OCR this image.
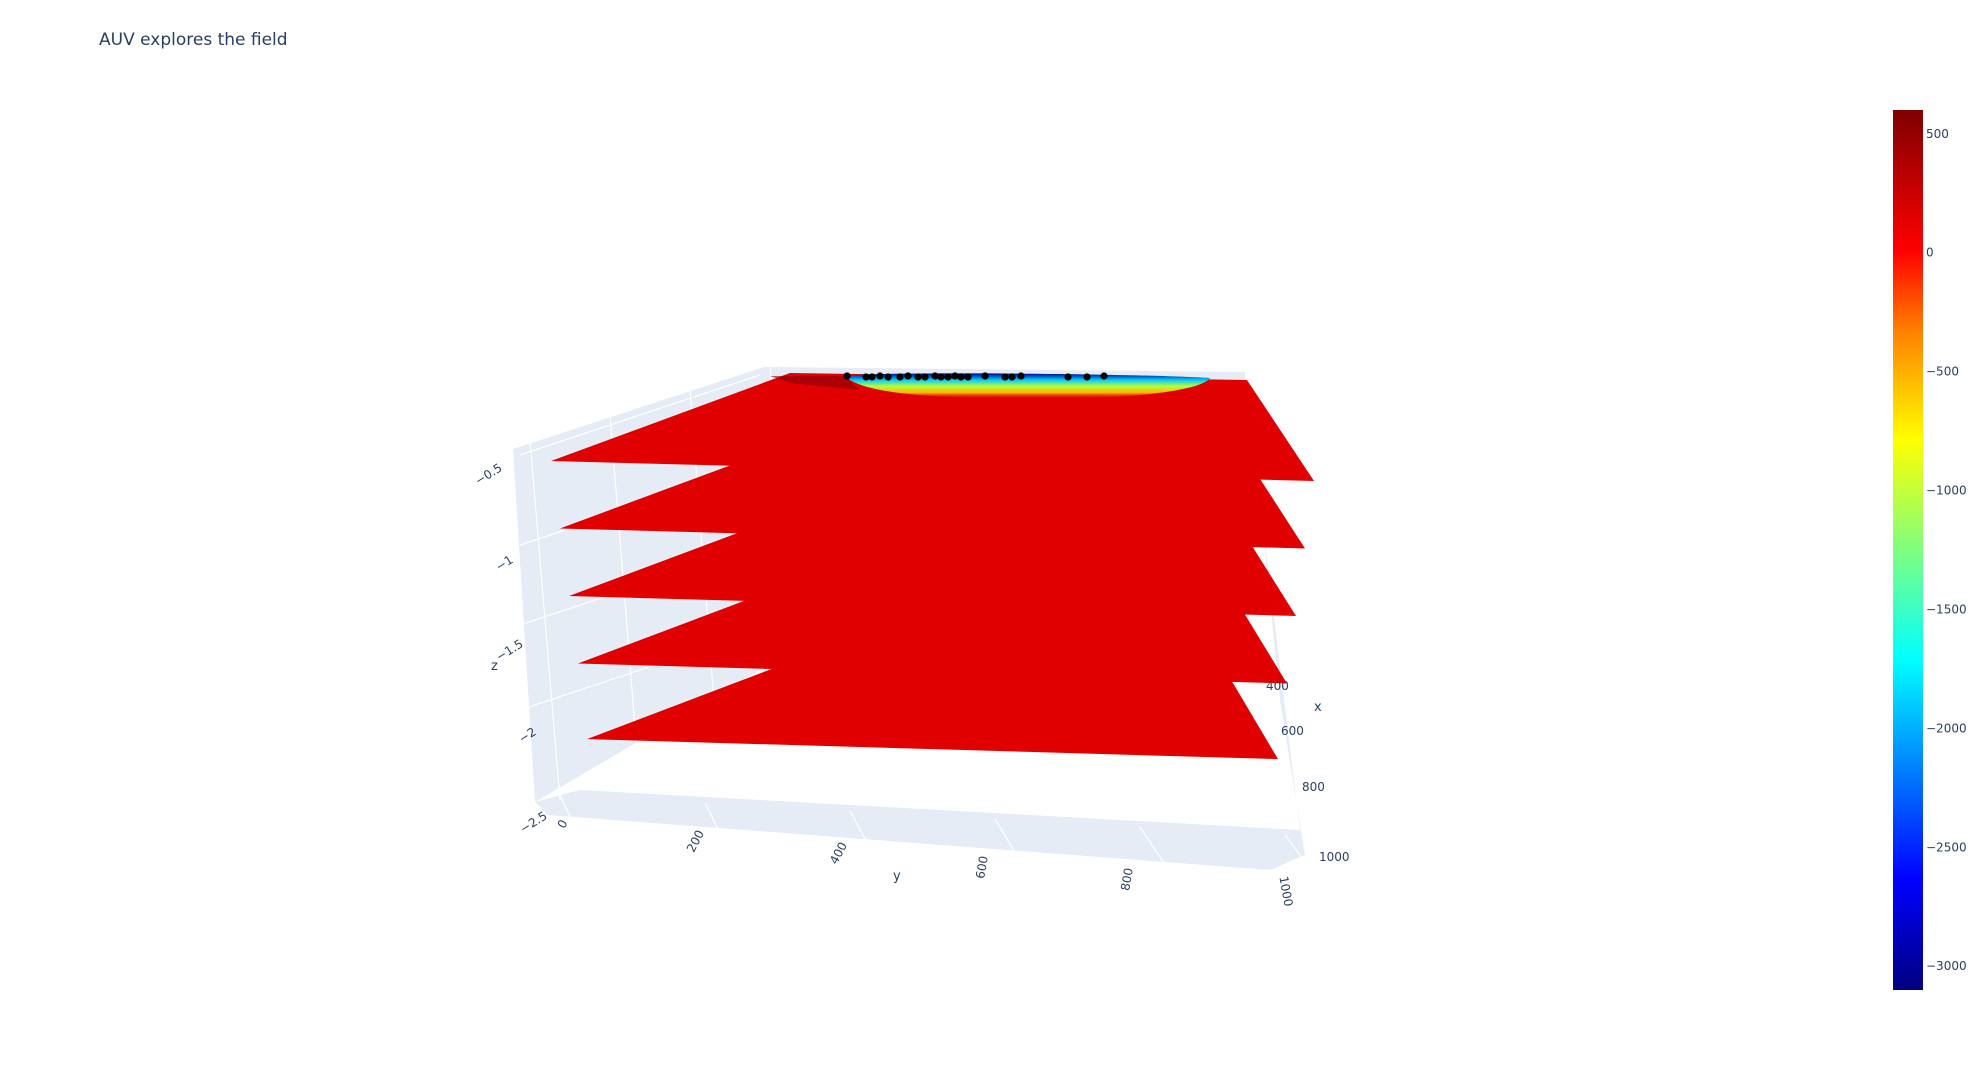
AUV explores the field
−0.5
−1
−1.5
−2
−2.5 0
200	400
600	800	1000
400
600
800
1000
x
y
z
500
0
−500
−1000
−1500
−2000
−2500
−3000
